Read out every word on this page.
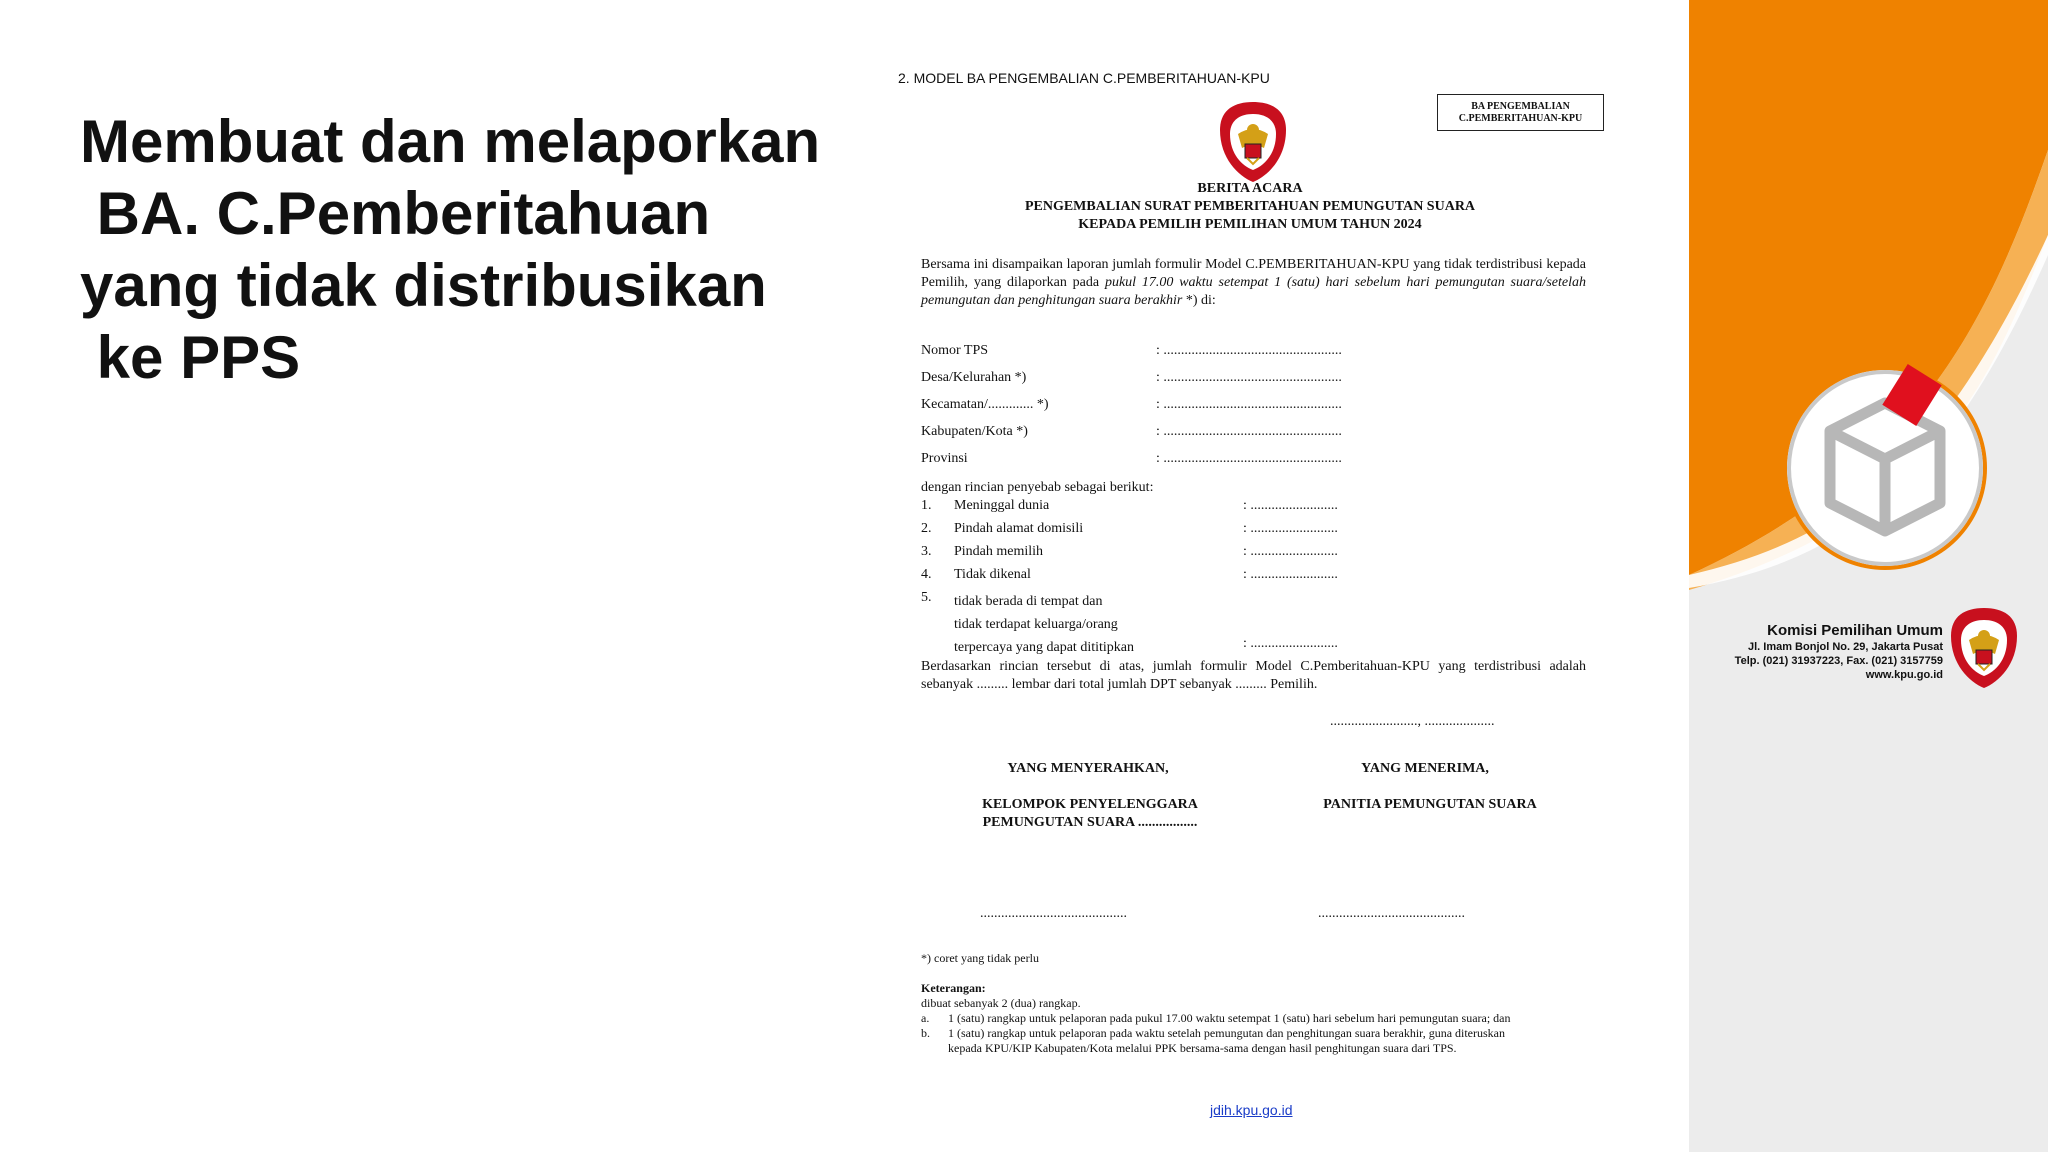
Membuat dan melaporkan
BA. C.Pemberitahuan
yang tidak distribusikan
ke PPS
Komisi Pemilihan Umum
Jl. Imam Bonjol No. 29, Jakarta Pusat
Telp. (021) 31937223, Fax. (021) 3157759
www.kpu.go.id
2. MODEL BA PENGEMBALIAN C.PEMBERITAHUAN-KPU
BA PENGEMBALIAN
C.PEMBERITAHUAN-KPU
BERITA ACARA
PENGEMBALIAN SURAT PEMBERITAHUAN PEMUNGUTAN SUARA
KEPADA PEMILIH PEMILIHAN UMUM TAHUN 2024

Bersama ini disampaikan laporan jumlah formulir Model C.PEMBERITAHUAN-KPU yang tidak terdistribusi kepada Pemilih, yang dilaporkan pada pukul 17.00 waktu setempat 1 (satu) hari sebelum hari pemungutan suara/setelah pemungutan dan penghitungan suara berakhir *) di:

Nomor TPS	: ...................................................
Desa/Kelurahan *)	: ...................................................
Kecamatan/............. *)	: ...................................................
Kabupaten/Kota *)	: ...................................................
Provinsi	: ...................................................
dengan rincian penyebab sebagai berikut:
1. Meninggal dunia	: .........................
2. Pindah alamat domisili	: .........................
3. Pindah memilih	: .........................
4. Tidak dikenal	: .........................
5. tidak berada di tempat dan
tidak terdapat keluarga/orang
terpercaya yang dapat dititipkan	: .........................

Berdasarkan rincian tersebut di atas, jumlah formulir Model C.Pemberitahuan-KPU yang terdistribusi adalah sebanyak ......... lembar dari total jumlah DPT sebanyak ......... Pemilih.

........................., ....................
YANG MENYERAHKAN,
KELOMPOK PENYELENGGARA
PEMUNGUTAN SUARA .................
YANG MENERIMA,
PANITIA PEMUNGUTAN SUARA
..........................................	..........................................
*) coret yang tidak perlu
Keterangan:
dibuat sebanyak 2 (dua) rangkap.
a. 1 (satu) rangkap untuk pelaporan pada pukul 17.00 waktu setempat 1 (satu) hari sebelum hari pemungutan suara; dan
b. 1 (satu) rangkap untuk pelaporan pada waktu setelah pemungutan dan penghitungan suara berakhir, guna diteruskan kepada KPU/KIP Kabupaten/Kota melalui PPK bersama-sama dengan hasil penghitungan suara dari TPS.
jdih.kpu.go.id
